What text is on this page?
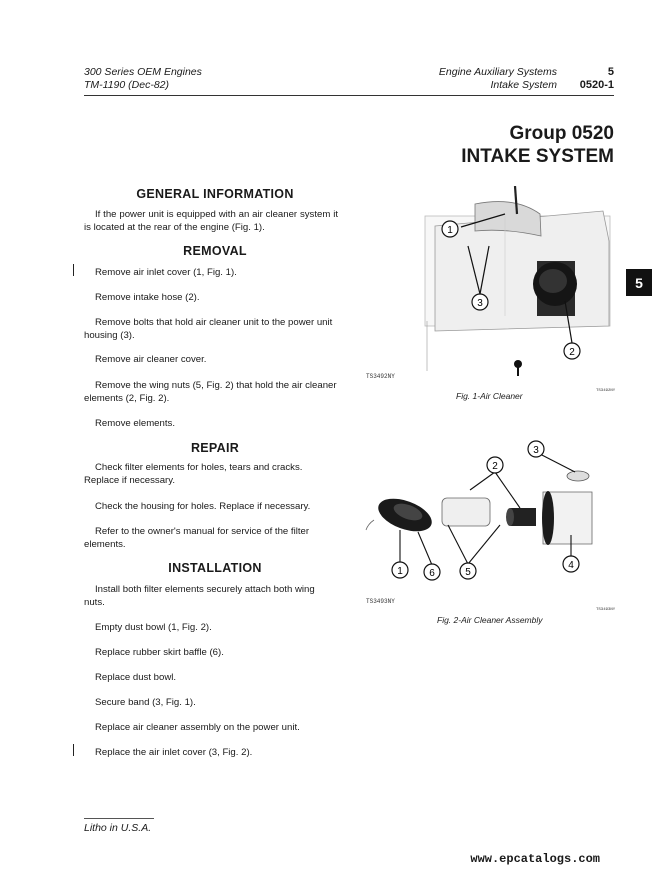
300 Series OEM Engines
TM-1190 (Dec-82)
Engine Auxiliary Systems
Intake System
5
0520-1
Group 0520
INTAKE SYSTEM
GENERAL INFORMATION
If the power unit is equipped with an air cleaner system it is located at the rear of the engine (Fig. 1).
REMOVAL
Remove air inlet cover (1, Fig. 1).
Remove intake hose (2).
Remove bolts that hold air cleaner unit to the power unit housing (3).
Remove air cleaner cover.
Remove the wing nuts (5, Fig. 2) that hold the air cleaner elements (2, Fig. 2).
Remove elements.
REPAIR
Check filter elements for holes, tears and cracks. Replace if necessary.
Check the housing for holes. Replace if necessary.
Refer to the owner's manual for service of the filter elements.
INSTALLATION
Install both filter elements securely attach both wing nuts.
Empty dust bowl (1, Fig. 2).
Replace rubber skirt baffle (6).
Replace dust bowl.
Secure band (3, Fig. 1).
Replace air cleaner assembly on the power unit.
Replace the air inlet cover (3, Fig. 2).
5
1
3
2
TS3492NY
TS3492NY
Fig. 1-Air Cleaner
2
3
1	6	5
4
TS3493NY
TS3493NY
Fig. 2-Air Cleaner Assembly
Litho in U.S.A.
www.epcatalogs.com
